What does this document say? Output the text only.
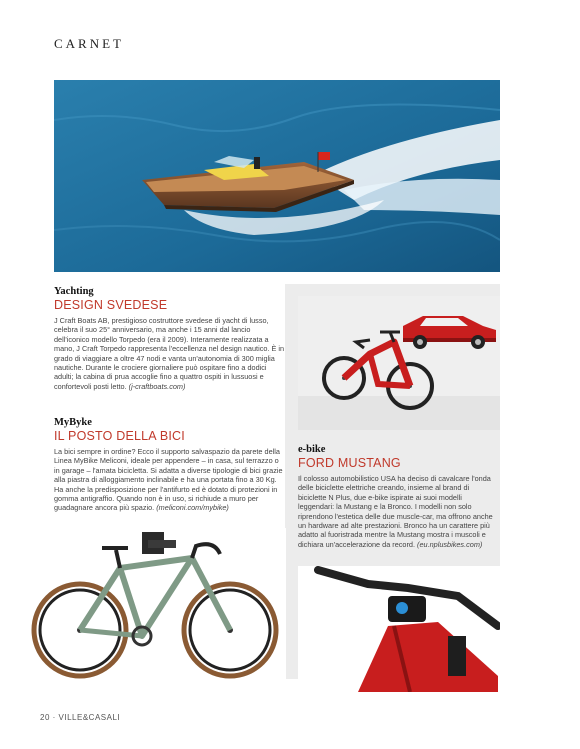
CARNET
Yachting
DESIGN SVEDESE
J Craft Boats AB, prestigioso costruttore svedese di yacht di lusso, celebra il suo 25° anniversario, ma anche i 15 anni dal lancio dell'iconico modello Torpedo (era il 2009). Interamente realizzata a mano, J Craft Torpedo rappresenta l'eccellenza nel design nautico. È in grado di viaggiare a oltre 47 nodi e vanta un'autonomia di 300 miglia nautiche. Durante le crociere giornaliere può ospitare fino a dodici adulti; la cabina di prua accoglie fino a quattro ospiti in lussuosi e confortevoli posti letto. (j-craftboats.com)
MyByke
IL POSTO DELLA BICI
La bici sempre in ordine? Ecco il supporto salvaspazio da parete della Linea MyBike Meliconi, ideale per appendere – in casa, sul terrazzo o in garage – l'amata bicicletta. Si adatta a diverse tipologie di bici grazie alla piastra di alloggiamento inclinabile e ha una portata fino a 30 Kg. Ha anche la predisposizione per l'antifurto ed è dotato di protezioni in gomma antigraffio. Quando non è in uso, si richiude a muro per guadagnare ancora più spazio. (meliconi.com/mybike)
e-bike
FORD MUSTANG
Il colosso automobilistico USA ha deciso di cavalcare l'onda delle biciclette elettriche creando, insieme al brand di biciclette N Plus, due e-bike ispirate ai suoi modelli leggendari: la Mustang e la Bronco. I modelli non solo riprendono l'estetica delle due muscle-car, ma offrono anche un hardware ad alte prestazioni. Bronco ha un carattere più adatto al fuoristrada mentre la Mustang mostra i muscoli e dichiara un'accelerazione da record. (eu.nplusbikes.com)
20 · VILLE&CASALI
